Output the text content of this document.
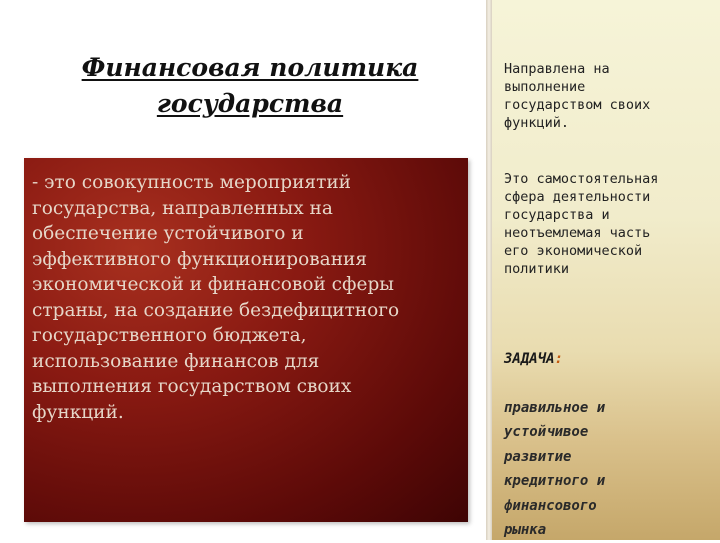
Финансовая политика
государства
- это совокупность мероприятий
государства, направленных на
обеспечение устойчивого и
эффективного функционирования
экономической и финансовой сферы
страны, на создание бездефицитного
государственного бюджета,
использование финансов для
выполнения государством своих
функций.
Направлена на
выполнение
государством своих
функций.
Это самостоятельная
сфера деятельности
государства и
неотъемлемая часть
его экономической
политики

ЗАДАЧА:

правильное и
устойчивое
развитие
кредитного и
финансового
рынка
